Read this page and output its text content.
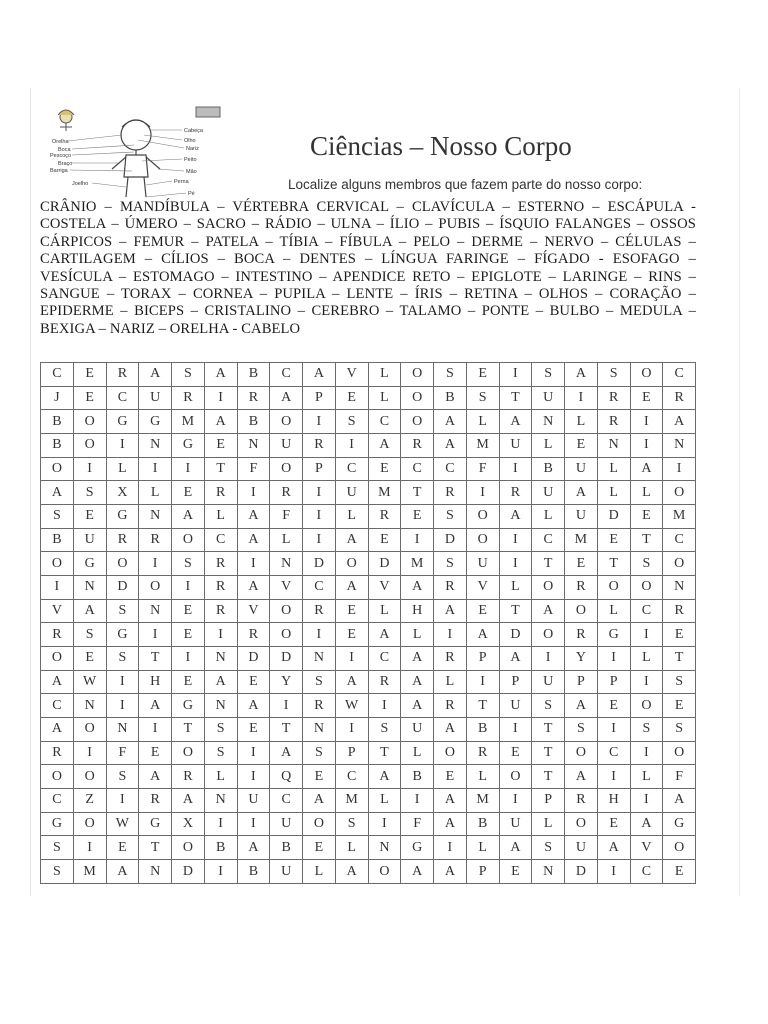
Cabeça
Orelha	Olho
Nariz
Boca
Pescoço
Braço
Peito
Barriga	Mão
Perna
Joelho
Pé
Ciências – Nosso Corpo
Localize alguns membros que fazem parte do nosso corpo:
CRÂNIO – MANDÍBULA – VÉRTEBRA CERVICAL – CLAVÍCULA – ESTERNO – ESCÁPULA - COSTELA – ÚMERO – SACRO – RÁDIO – ULNA – ÍLIO – PUBIS – ÍSQUIO FALANGES – OSSOS CÁRPICOS – FEMUR – PATELA – TÍBIA – FÍBULA – PELO – DERME – NERVO – CÉLULAS – CARTILAGEM – CÍLIOS – BOCA – DENTES – LÍNGUA FARINGE – FÍGADO - ESOFAGO – VESÍCULA – ESTOMAGO – INTESTINO – APENDICE RETO – EPIGLOTE – LARINGE – RINS – SANGUE – TORAX – CORNEA – PUPILA – LENTE – ÍRIS – RETINA – OLHOS – CORAÇÃO – EPIDERME – BICEPS – CRISTALINO – CEREBRO – TALAMO – PONTE – BULBO – MEDULA – BEXIGA – NARIZ – ORELHA - CABELO
C	E	R	A	S	A	B	C	A	V	L	O	S	E	I	S	A	S	O	C
J	E	C	U	R	I	R	A	P	E	L	O	B	S	T	U	I	R	E	R
B	O	G	G	M	A	B	O	I	S	C	O	A	L	A	N	L	R	I	A
B	O	I	N	G	E	N	U	R	I	A	R	A	M	U	L	E	N	I	N
O	I	L	I	I	T	F	O	P	C	E	C	C	F	I	B	U	L	A	I
A	S	X	L	E	R	I	R	I	U	M	T	R	I	R	U	A	L	L	O
S	E	G	N	A	L	A	F	I	L	R	E	S	O	A	L	U	D	E	M
B	U	R	R	O	C	A	L	I	A	E	I	D	O	I	C	M	E	T	C
O	G	O	I	S	R	I	N	D	O	D	M	S	U	I	T	E	T	S	O
I	N	D	O	I	R	A	V	C	A	V	A	R	V	L	O	R	O	O	N
V	A	S	N	E	R	V	O	R	E	L	H	A	E	T	A	O	L	C	R
R	S	G	I	E	I	R	O	I	E	A	L	I	A	D	O	R	G	I	E
O	E	S	T	I	N	D	D	N	I	C	A	R	P	A	I	Y	I	L	T
A	W	I	H	E	A	E	Y	S	A	R	A	L	I	P	U	P	P	I	S
C	N	I	A	G	N	A	I	R	W	I	A	R	T	U	S	A	E	O	E
A	O	N	I	T	S	E	T	N	I	S	U	A	B	I	T	S	I	S	S
R	I	F	E	O	S	I	A	S	P	T	L	O	R	E	T	O	C	I	O
O	O	S	A	R	L	I	Q	E	C	A	B	E	L	O	T	A	I	L	F
C	Z	I	R	A	N	U	C	A	M	L	I	A	M	I	P	R	H	I	A
G	O	W	G	X	I	I	U	O	S	I	F	A	B	U	L	O	E	A	G
S	I	E	T	O	B	A	B	E	L	N	G	I	L	A	S	U	A	V	O
S	M	A	N	D	I	B	U	L	A	O	A	A	P	E	N	D	I	C	E
